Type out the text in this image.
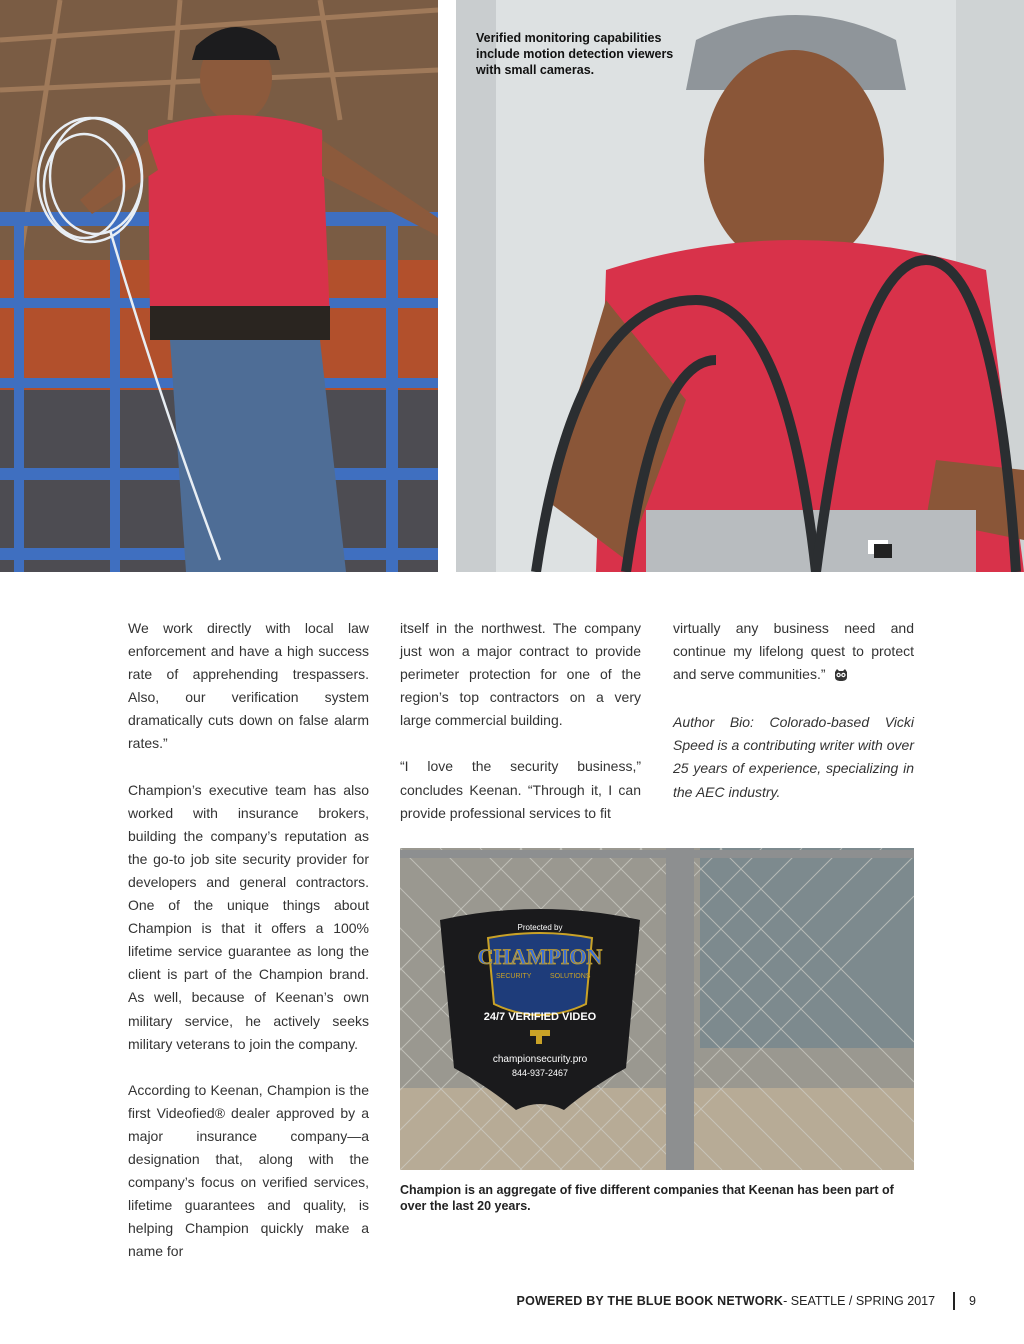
Verified monitoring capabilities include motion detection viewers with small cameras.

We work directly with local law enforcement and have a high success rate of apprehending trespassers. Also, our verification system dramatically cuts down on false alarm rates.”

Champion’s executive team has also worked with insurance brokers, building the company’s reputation as the go-to job site security provider for developers and general contractors. One of the unique things about Champion is that it offers a 100% lifetime service guarantee as long the client is part of the Champion brand. As well, because of Keenan’s own military service, he actively seeks military veterans to join the company.

According to Keenan, Champion is the first Videofied® dealer approved by a major insurance company—a designation that, along with the company’s focus on verified services, lifetime guarantees and quality, is helping Champion quickly make a name for

itself in the northwest. The company just won a major contract to provide perimeter protection for one of the region’s top contractors on a very large commercial building.

“I love the security business,” concludes Keenan. “Through it, I can provide professional services to fit

virtually any business need and continue my lifelong quest to protect and serve communities.”

Author Bio: Colorado-based Vicki Speed is a contributing writer with over 25 years of experience, specializing in the AEC industry.

Protected by
CHAMPION
SECURITY	SOLUTIONS
24/7 VERIFIED VIDEO
championsecurity.pro
844-937-2467
Champion is an aggregate of five different companies that Keenan has been part of over the last 20 years.
POWERED BY THE BLUE BOOK NETWORK - SEATTLE / SPRING 2017	9
